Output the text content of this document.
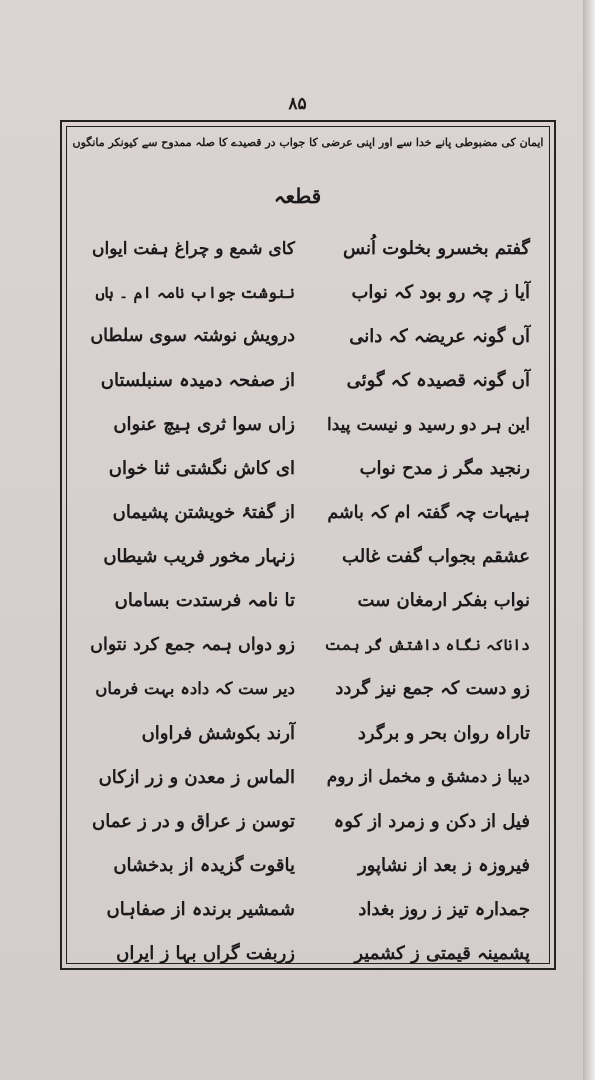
۸۵
ایمان کی مضبوطی پانے خدا سے اور اپنی عرضی کا جواب در قصیدے کا صلہ ممدوح سے کیونکر مانگوں
قطعہ
گفتم بخسرو بخلوت اُنس
کای شمع و چراغ ہفت ایواں
آیا ز چہ رو بود کہ نواب
ننوشت جواب نامہ ام ۔ ہاں
آں گونہ عریضہ کہ دانی
درویش نوشتہ سوی سلطاں
آں گونہ قصیدہ کہ گوئی
از صفحہ دمیدہ سنبلستاں
این ہر دو رسید و نیست پیدا
زاں سوا ثری ہیچ عنواں
رنجید مگر ز مدح نواب
ای کاش نگشتی ثنا خواں
ہیہات چہ گفتہ ام کہ باشم
از گفتۂ خویشتن پشیماں
عشقم بجواب گفت غالب
زنہار مخور فریب شیطاں
نواب بفکر ارمغان ست
تا نامہ فرستدت بساماں
داناکہ نگاہ داشتش گر ہمت
زو دواں ہمہ جمع کرد نتواں
زو دست کہ جمع نیز گردد
دیر ست کہ دادہ بہت فرماں
تاراہ روان بحر و برگرد
آرند بکوشش فراواں
دیبا ز دمشق و مخمل از روم
الماس ز معدن و زر ازکاں
فیل از دکن و زمرد از کوہ
توسن ز عراق و در ز عماں
فیروزہ ز بعد از نشاپور
یاقوت گزیدہ از بدخشاں
جمدارہ تیز ز روز بغداد
شمشیر برندہ از صفاہاں
پشمینہ قیمتی ز کشمیر
زربفت گراں بہا ز ایراں
